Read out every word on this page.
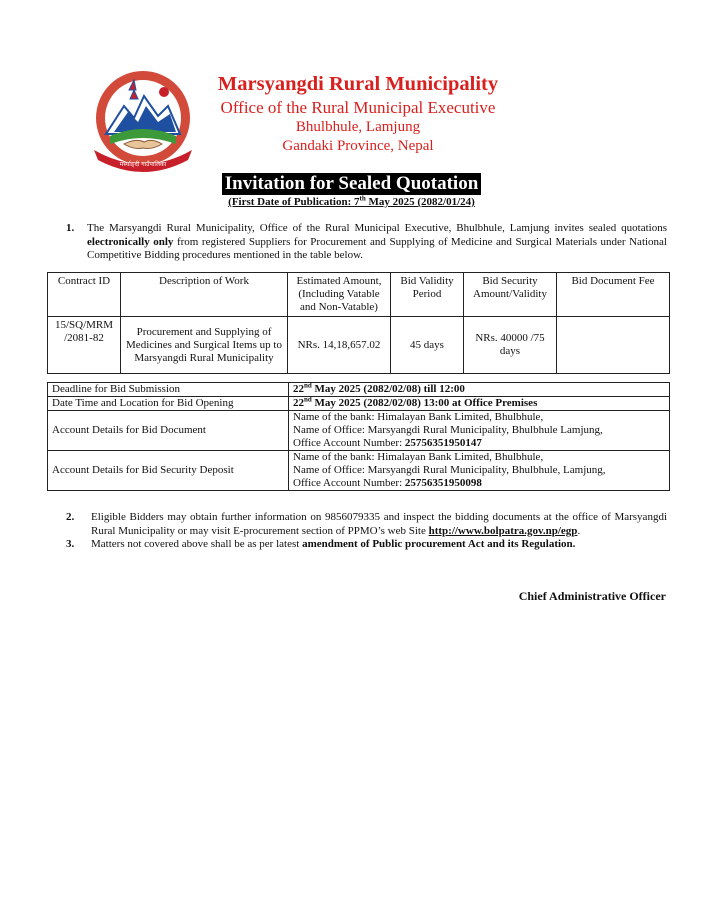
मर्स्याङ्दी गाउँपालिका
Marsyangdi Rural Municipality
Office of the Rural Municipal Executive
Bhulbhule, Lamjung
Gandaki Province, Nepal
Invitation for Sealed Quotation
(First Date of Publication: 7th May 2025 (2082/01/24)
1. The Marsyangdi Rural Municipality, Office of the Rural Municipal Executive, Bhulbhule, Lamjung invites sealed quotations electronically only from registered Suppliers for Procurement and Supplying of Medicine and Surgical Materials under National Competitive Bidding procedures mentioned in the table below.
Contract ID	Description of Work	Estimated Amount, (Including Vatable and Non-Vatable)	Bid Validity Period	Bid Security Amount/Validity	Bid Document Fee
15/SQ/MRM /2081-82	Procurement and Supplying of Medicines and Surgical Items up to Marsyangdi Rural Municipality	NRs. 14,18,657.02	45 days	NRs. 40000 /75 days	
Deadline for Bid Submission	22nd May 2025 (2082/02/08) till 12:00
Date Time and Location for Bid Opening	22nd May 2025 (2082/02/08) 13:00 at Office Premises
Account Details for Bid Document	Name of the bank: Himalayan Bank Limited, Bhulbhule,
Name of Office: Marsyangdi Rural Municipality, Bhulbhule Lamjung,
Office Account Number: 25756351950147

Account Details for Bid Security Deposit	Name of the bank: Himalayan Bank Limited, Bhulbhule,
Name of Office: Marsyangdi Rural Municipality, Bhulbhule, Lamjung,
Office Account Number: 25756351950098
2. Eligible Bidders may obtain further information on 9856079335 and inspect the bidding documents at the office of Marsyangdi Rural Municipality or may visit E-procurement section of PPMO’s web Site http://www.bolpatra.gov.np/egp.
3. Matters not covered above shall be as per latest amendment of Public procurement Act and its Regulation.
Chief Administrative Officer
